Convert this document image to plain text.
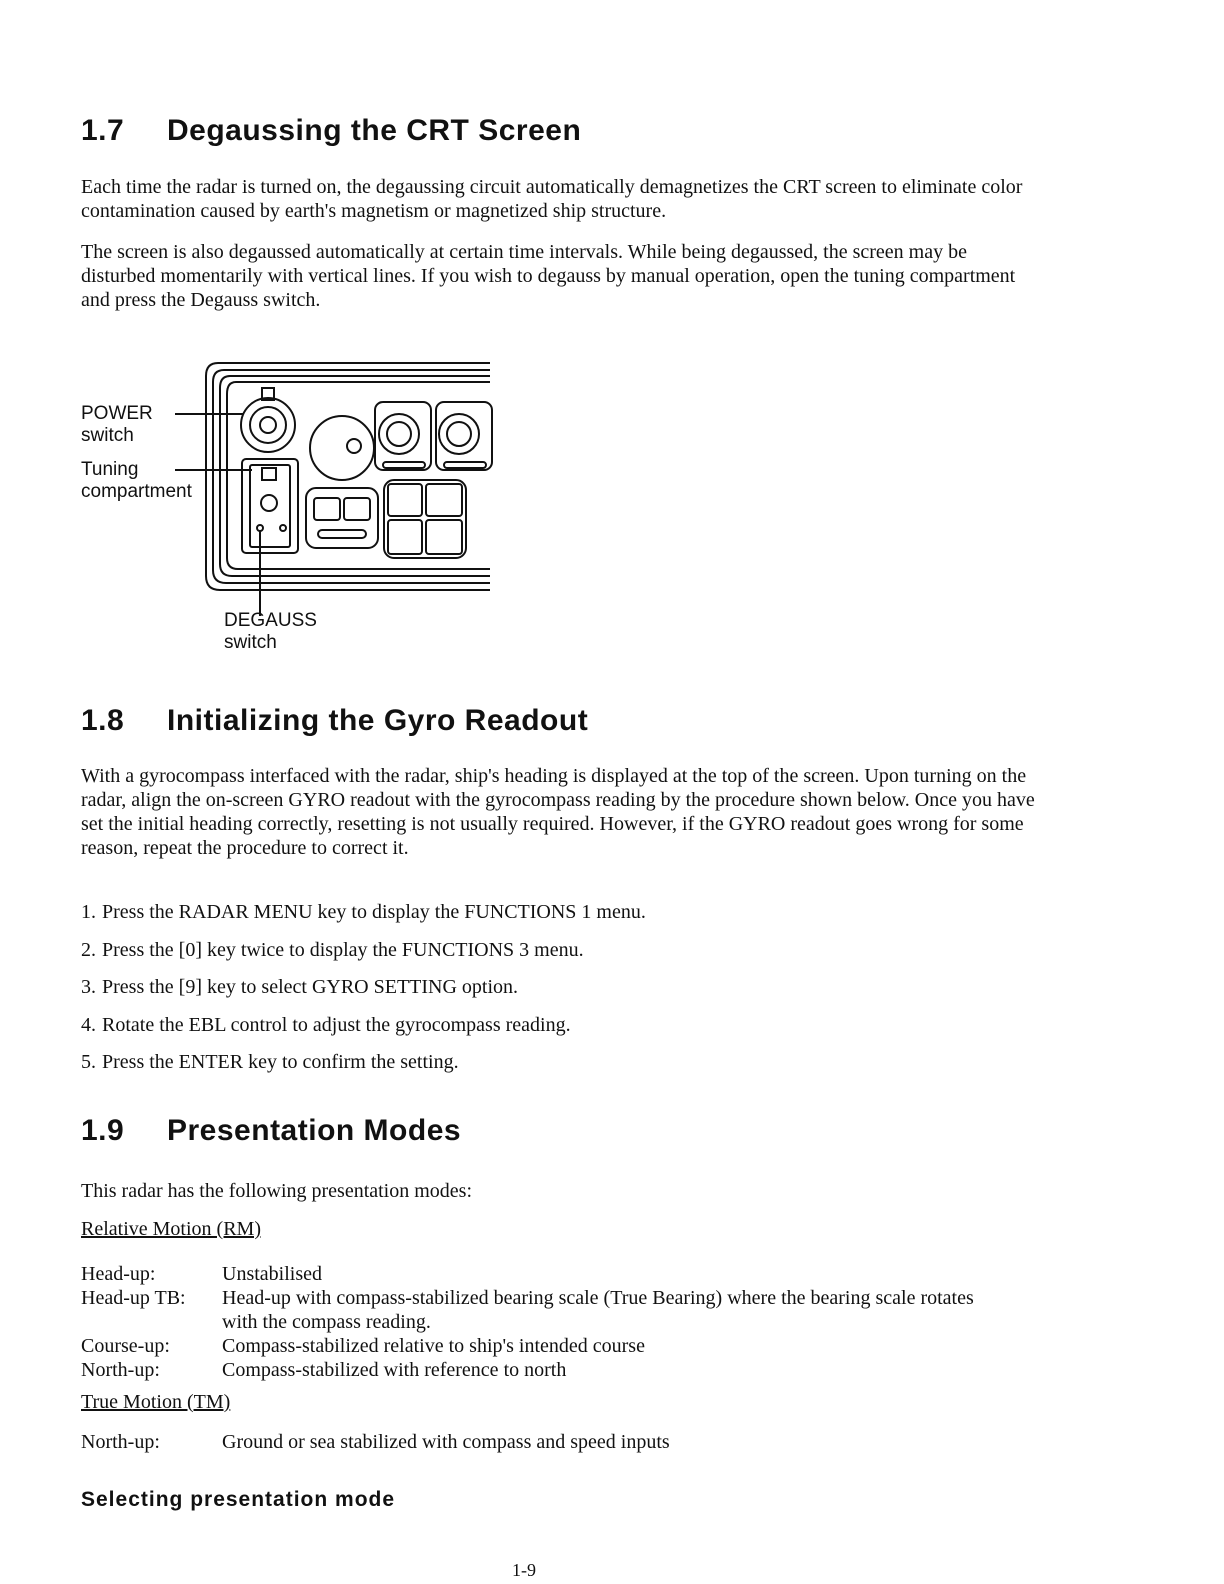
1.7 Degaussing the CRT Screen

Each time the radar is turned on, the degaussing circuit automatically demagnetizes the CRT screen to eliminate color contamination caused by earth's magnetism or magnetized ship structure.

The screen is also degaussed automatically at certain time intervals. While being degaussed, the screen may be disturbed momentarily with vertical lines. If you wish to degauss by manual operation, open the tuning compartment and press the Degauss switch.

POWER
switch
Tuning
compartment
DEGAUSS
switch
1.8 Initializing the Gyro Readout

With a gyrocompass interfaced with the radar, ship's heading is displayed at the top of the screen. Upon turning on the radar, align the on-screen GYRO readout with the gyrocompass reading by the procedure shown below. Once you have set the initial heading correctly, resetting is not usually required. However, if the GYRO readout goes wrong for some reason, repeat the procedure to correct it.

1. Press the RADAR MENU key to display the FUNCTIONS 1 menu.
2. Press the [0] key twice to display the FUNCTIONS 3 menu.
3. Press the [9] key to select GYRO SETTING option.
4. Rotate the EBL control to adjust the gyrocompass reading.
5. Press the ENTER key to confirm the setting.
1.9 Presentation Modes

This radar has the following presentation modes:

Relative Motion (RM)
Head-up:	Unstabilised
Head-up TB:	Head-up with compass-stabilized bearing scale (True Bearing) where the bearing scale rotates with the compass reading.
Course-up:	Compass-stabilized relative to ship's intended course
North-up:	Compass-stabilized with reference to north
True Motion (TM)
North-up:	Ground or sea stabilized with compass and speed inputs
Selecting presentation mode
1-9
